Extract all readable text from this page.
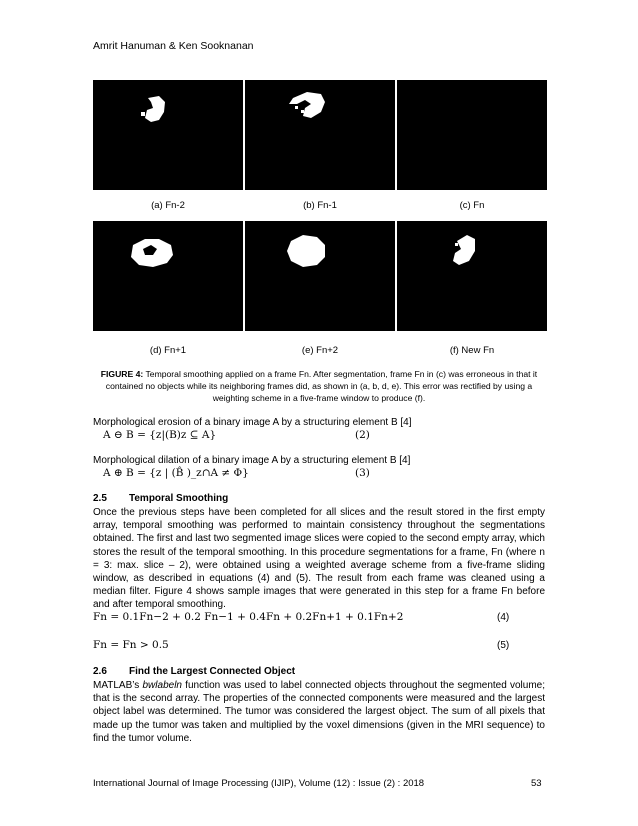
Amrit Hanuman & Ken Sooknanan
(a) Fn-2	(b) Fn-1	(c) Fn
(d) Fn+1	(e) Fn+2	(f) New Fn
FIGURE 4: Temporal smoothing applied on a frame Fn. After segmentation, frame Fn in (c) was erroneous in that it contained no objects while its neighboring frames did, as shown in (a, b, d, e). This error was rectified by using a weighting scheme in a five-frame window to produce (f).
Morphological erosion of a binary image A by a structuring element B [4]
A ⊖ B = {z|(B)z ⊆ A}	(2)
Morphological dilation of a binary image A by a structuring element B [4]
A ⊕ B = {z | (B̂ )_z∩A ≠ Φ}	(3)
2.5 Temporal Smoothing
Once the previous steps have been completed for all slices and the result stored in the first empty array, temporal smoothing was performed to maintain consistency throughout the segmentations obtained. The first and last two segmented image slices were copied to the second empty array, which stores the result of the temporal smoothing. In this procedure segmentations for a frame, Fn (where n = 3: max. slice – 2), were obtained using a weighted average scheme from a five-frame sliding window, as described in equations (4) and (5). The result from each frame was cleaned using a median filter. Figure 4 shows sample images that were generated in this step for a frame Fn before and after temporal smoothing.
Fn = 0.1Fn−2 + 0.2 Fn−1 + 0.4Fn + 0.2Fn+1 + 0.1Fn+2	(4)
Fn = Fn > 0.5	(5)
2.6 Find the Largest Connected Object
MATLAB’s bwlabeln function was used to label connected objects throughout the segmented volume; that is the second array. The properties of the connected components were measured and the largest object label was determined. The tumor was considered the largest object. The sum of all pixels that made up the tumor was taken and multiplied by the voxel dimensions (given in the MRI sequence) to find the tumor volume.
International Journal of Image Processing (IJIP), Volume (12) : Issue (2) : 2018	53
